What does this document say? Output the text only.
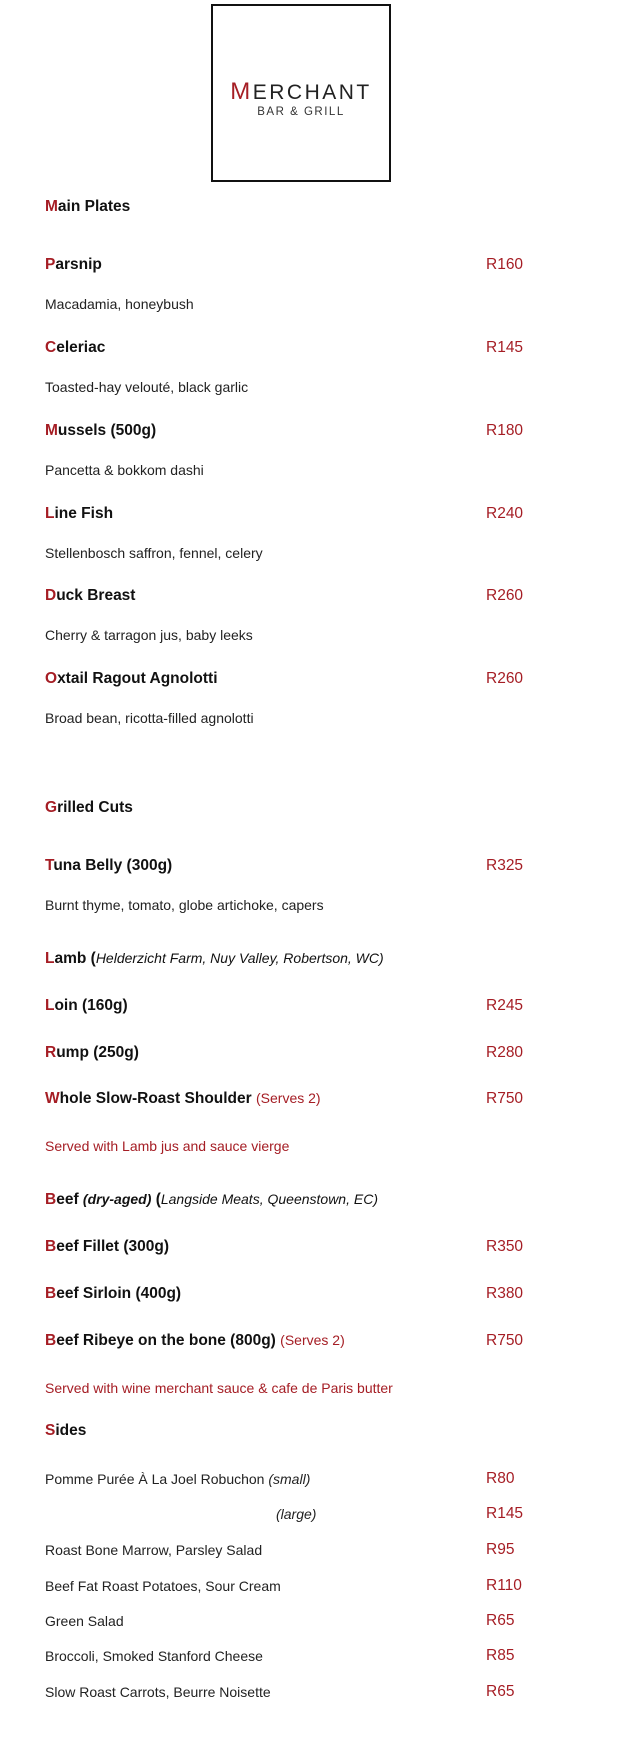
MERCHANT
BAR & GRILL
Main Plates
Parsnip	R160
Macadamia, honeybush
Celeriac	R145
Toasted-hay velouté, black garlic
Mussels (500g)	R180
Pancetta & bokkom dashi
Line Fish	R240
Stellenbosch saffron, fennel, celery
Duck Breast	R260
Cherry & tarragon jus, baby leeks
Oxtail Ragout Agnolotti	R260
Broad bean, ricotta-filled agnolotti
Grilled Cuts
Tuna Belly (300g)	R325
Burnt thyme, tomato, globe artichoke, capers
Lamb (Helderzicht Farm, Nuy Valley, Robertson, WC)
Loin (160g)	R245
Rump (250g)	R280
Whole Slow-Roast Shoulder (Serves 2)	R750
Served with Lamb jus and sauce vierge
Beef (dry-aged) (Langside Meats, Queenstown, EC)
Beef Fillet (300g)	R350
Beef Sirloin (400g)	R380
Beef Ribeye on the bone (800g) (Serves 2)	R750
Served with wine merchant sauce & cafe de Paris butter
Sides
Pomme Purée À La Joel Robuchon (small)	R80
(large)	R145
Roast Bone Marrow, Parsley Salad	R95
Beef Fat Roast Potatoes, Sour Cream	R110
Green Salad	R65
Broccoli, Smoked Stanford Cheese	R85
Slow Roast Carrots, Beurre Noisette	R65
